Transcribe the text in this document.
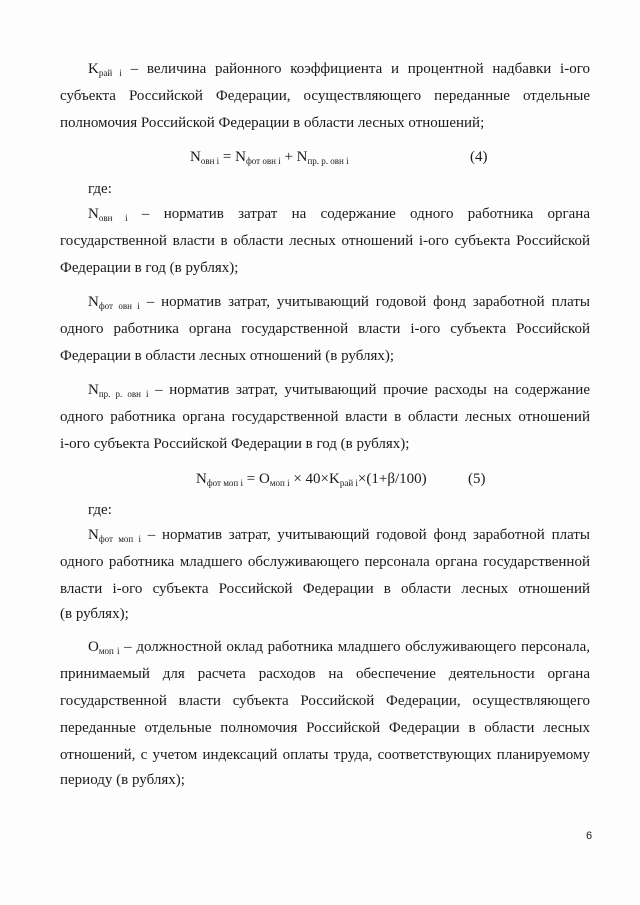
$K_{рай i}$ – величина районного коэффициента и процентной надбавки i-ого
субъекта Российской Федерации, осуществляющего переданные отдельные
полномочия Российской Федерации в области лесных отношений;
$N_{овн i} = N_{фот овн i} + N_{пр. р. овн i}$	(4)
где:
$N_{овн i}$ – норматив затрат на содержание одного работника органа
государственной власти в области лесных отношений i-ого субъекта Российской
Федерации в год (в рублях);
$N_{фот овн i}$ – норматив затрат, учитывающий годовой фонд заработной платы
одного работника органа государственной власти i-ого субъекта Российской
Федерации в области лесных отношений (в рублях);
$N_{пр. р. овн i}$ – норматив затрат, учитывающий прочие расходы на содержание
одного работника органа государственной власти в области лесных отношений
i-ого субъекта Российской Федерации в год (в рублях);
$N_{фот моп i} = O_{моп i} \times 40\times K_{рай i}\times(1+\beta/100)$	(5)
где:
$N_{фот моп i}$ – норматив затрат, учитывающий годовой фонд заработной платы
одного работника младшего обслуживающего персонала органа государственной
власти i-ого субъекта Российской Федерации в области лесных отношений
(в рублях);
$O_{моп i}$ – должностной оклад работника младшего обслуживающего персонала,
принимаемый для расчета расходов на обеспечение деятельности органа
государственной власти субъекта Российской Федерации, осуществляющего
переданные отдельные полномочия Российской Федерации в области лесных
отношений, с учетом индексаций оплаты труда, соответствующих планируемому
периоду (в рублях);
6
